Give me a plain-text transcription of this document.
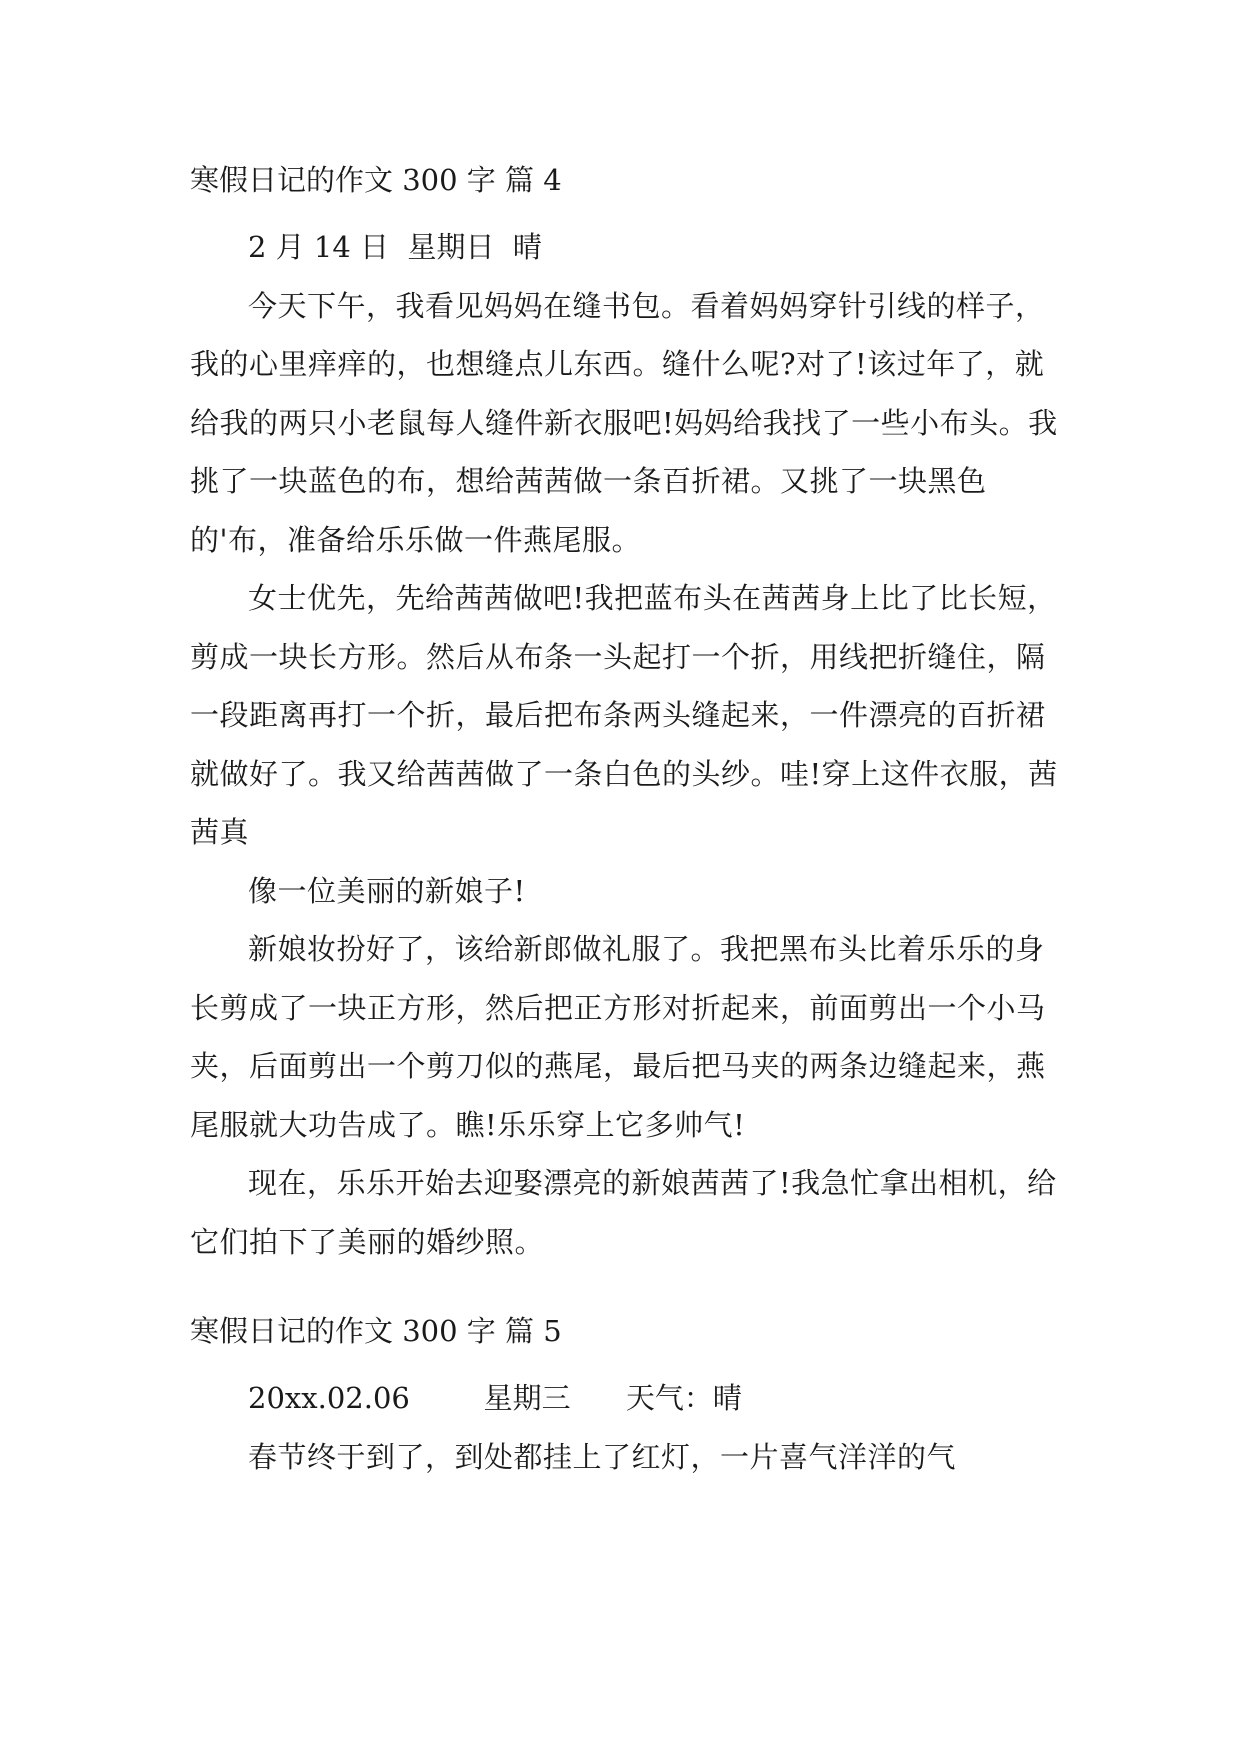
寒假日记的作文 300 字 篇 4

2 月 14 日  星期日  晴

今天下午，我看见妈妈在缝书包。看着妈妈穿针引线的样子，我的心里痒痒的，也想缝点儿东西。缝什么呢?对了!该过年了，就给我的两只小老鼠每人缝件新衣服吧!妈妈给我找了一些小布头。我挑了一块蓝色的布，想给茜茜做一条百折裙。又挑了一块黑色的'布，准备给乐乐做一件燕尾服。

女士优先，先给茜茜做吧!我把蓝布头在茜茜身上比了比长短，剪成一块长方形。然后从布条一头起打一个折，用线把折缝住，隔一段距离再打一个折，最后把布条两头缝起来，一件漂亮的百折裙就做好了。我又给茜茜做了一条白色的头纱。哇!穿上这件衣服，茜茜真

像一位美丽的新娘子!

新娘妆扮好了，该给新郎做礼服了。我把黑布头比着乐乐的身长剪成了一块正方形，然后把正方形对折起来，前面剪出一个小马夹，后面剪出一个剪刀似的燕尾，最后把马夹的两条边缝起来，燕尾服就大功告成了。瞧!乐乐穿上它多帅气!

现在，乐乐开始去迎娶漂亮的新娘茜茜了!我急忙拿出相机，给它们拍下了美丽的婚纱照。

寒假日记的作文 300 字 篇 5

20xx.02.06        星期三      天气：晴

春节终于到了，到处都挂上了红灯，一片喜气洋洋的气
